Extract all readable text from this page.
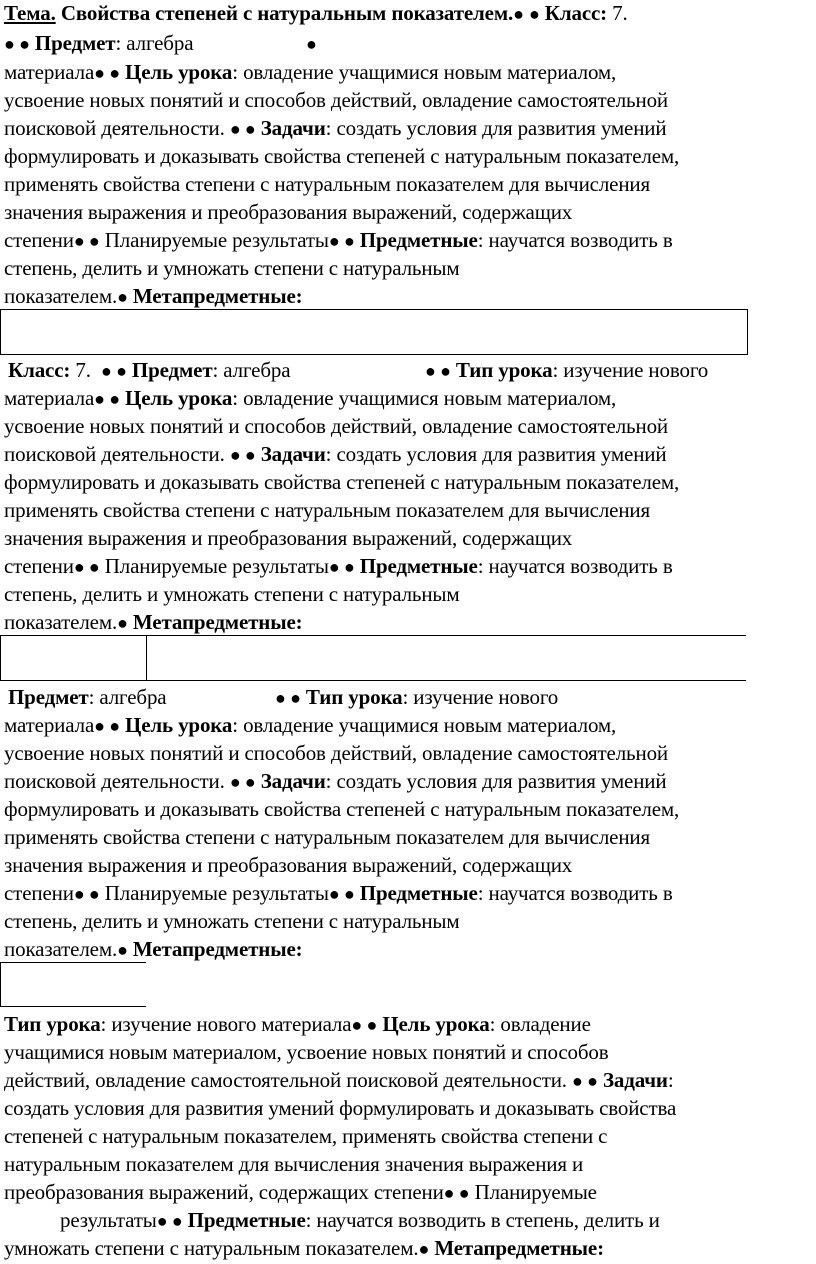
Тема. Свойства степеней с натуральным показателем.● ● Класс: 7.
● ● Предмет: алгебра	●
материала● ● Цель урока: овладение учащимися новым материалом,
усвоение новых понятий и способов действий, овладение самостоятельной
поисковой деятельности. ● ● Задачи: создать условия для развития умений
формулировать и доказывать свойства степеней с натуральным показателем,
применять свойства степени с натуральным показателем для вычисления
значения выражения и преобразования выражений, содержащих
степени● ● Планируемые результаты● ● Предметные: научатся возводить в
степень, делить и умножать степени с натуральным
показателем.● Метапредметные:
Класс: 7. ● ● Предмет: алгебра	● ● Тип урока: изучение нового
материала● ● Цель урока: овладение учащимися новым материалом,
усвоение новых понятий и способов действий, овладение самостоятельной
поисковой деятельности. ● ● Задачи: создать условия для развития умений
формулировать и доказывать свойства степеней с натуральным показателем,
применять свойства степени с натуральным показателем для вычисления
значения выражения и преобразования выражений, содержащих
степени● ● Планируемые результаты● ● Предметные: научатся возводить в
степень, делить и умножать степени с натуральным
показателем.● Метапредметные:
Предмет: алгебра	● ● Тип урока: изучение нового
материала● ● Цель урока: овладение учащимися новым материалом,
усвоение новых понятий и способов действий, овладение самостоятельной
поисковой деятельности. ● ● Задачи: создать условия для развития умений
формулировать и доказывать свойства степеней с натуральным показателем,
применять свойства степени с натуральным показателем для вычисления
значения выражения и преобразования выражений, содержащих
степени● ● Планируемые результаты● ● Предметные: научатся возводить в
степень, делить и умножать степени с натуральным
показателем.● Метапредметные:
Тип урока: изучение нового материала● ● Цель урока: овладение
учащимися новым материалом, усвоение новых понятий и способов
действий, овладение самостоятельной поисковой деятельности. ● ● Задачи:
создать условия для развития умений формулировать и доказывать свойства
степеней с натуральным показателем, применять свойства степени с
натуральным показателем для вычисления значения выражения и
преобразования выражений, содержащих степени● ● Планируемые
результаты● ● Предметные: научатся возводить в степень, делить и
умножать степени с натуральным показателем.● Метапредметные:
